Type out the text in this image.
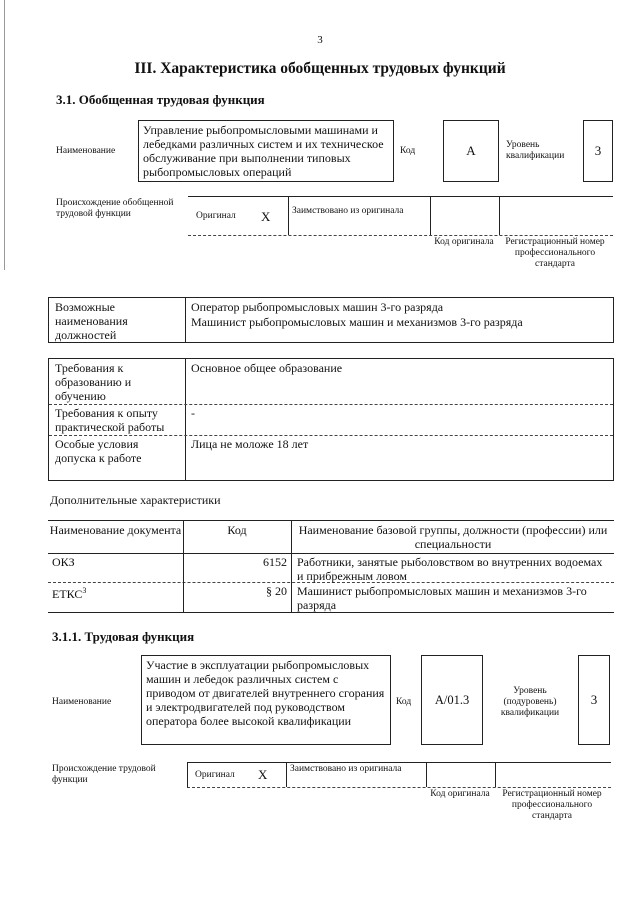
3
III. Характеристика обобщенных трудовых функций
3.1. Обобщенная трудовая функция
Наименование
Управление рыбопромысловыми машинами и лебедками различных систем и их техническое обслуживание при выполнении типовых рыбопромысловых операций
Код	А	Уровень квалификации	3
Происхождение обобщенной трудовой функции	Оригинал Х Заимствовано из оригинала
Код оригинала	Регистрационный номер профессионального стандарта
Возможные наименования должностей
Оператор рыбопромысловых машин 3-го разряда
Машинист рыбопромысловых машин и механизмов 3-го разряда
Требования к образованию и обучению
Основное общее образование
Требования к опыту практической работы
-
Особые условия допуска к работе
Лица не моложе 18 лет
Дополнительные характеристики
Наименование документа	Код	Наименование базовой группы, должности (профессии) или специальности
ОКЗ	6152 Работники, занятые рыболовством во внутренних водоемах и прибрежным ловом
ЕТКС$^3$	§ 20 Машинист рыбопромысловых машин и механизмов 3-го разряда
3.1.1. Трудовая функция
Наименование
Участие в эксплуатации рыбопромысловых машин и лебедок различных систем с приводом от двигателей внутреннего сгорания и электродвигателей под руководством оператора более высокой квалификации
Код	A/01.3
Уровень (подуровень) квалификации
3
Происхождение трудовой функции	Оригинал Х Заимствовано из оригинала
Код оригинала Регистрационный номер профессионального стандарта
